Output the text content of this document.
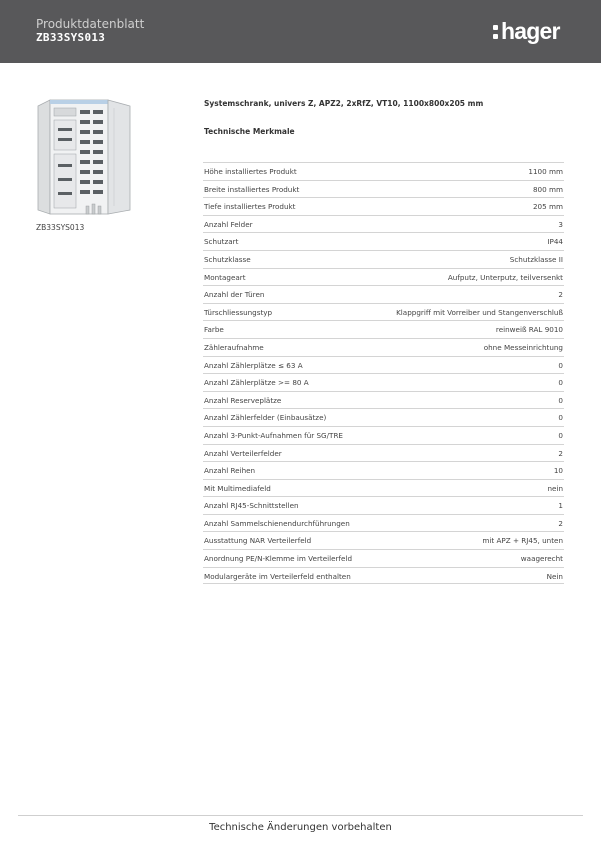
Produktdatenblatt
ZB33SYS013	hager
ZB33SYS013
Systemschrank, univers Z, APZ2, 2xRfZ, VT10, 1100x800x205 mm
Technische Merkmale
Höhe installiertes Produkt	1100 mm
Breite installiertes Produkt	800 mm
Tiefe installiertes Produkt	205 mm
Anzahl Felder	3
Schutzart	IP44
Schutzklasse	Schutzklasse II
Montageart	Aufputz, Unterputz, teilversenkt
Anzahl der Türen	2
Türschliessungstyp	Klappgriff mit Vorreiber und Stangenverschluß
Farbe	reinweiß RAL 9010
Zähleraufnahme	ohne Messeinrichtung
Anzahl Zählerplätze ≤ 63 A	0
Anzahl Zählerplätze >= 80 A	0
Anzahl Reserveplätze	0
Anzahl Zählerfelder (Einbausätze)	0
Anzahl 3-Punkt-Aufnahmen für SG/TRE	0
Anzahl Verteilerfelder	2
Anzahl Reihen	10
Mit Multimediafeld	nein
Anzahl RJ45-Schnittstellen	1
Anzahl Sammelschienendurchführungen	2
Ausstattung NAR Verteilerfeld	mit APZ + RJ45, unten
Anordnung PE/N-Klemme im Verteilerfeld	waagerecht
Modulargeräte im Verteilerfeld enthalten	Nein
Technische Änderungen vorbehalten
